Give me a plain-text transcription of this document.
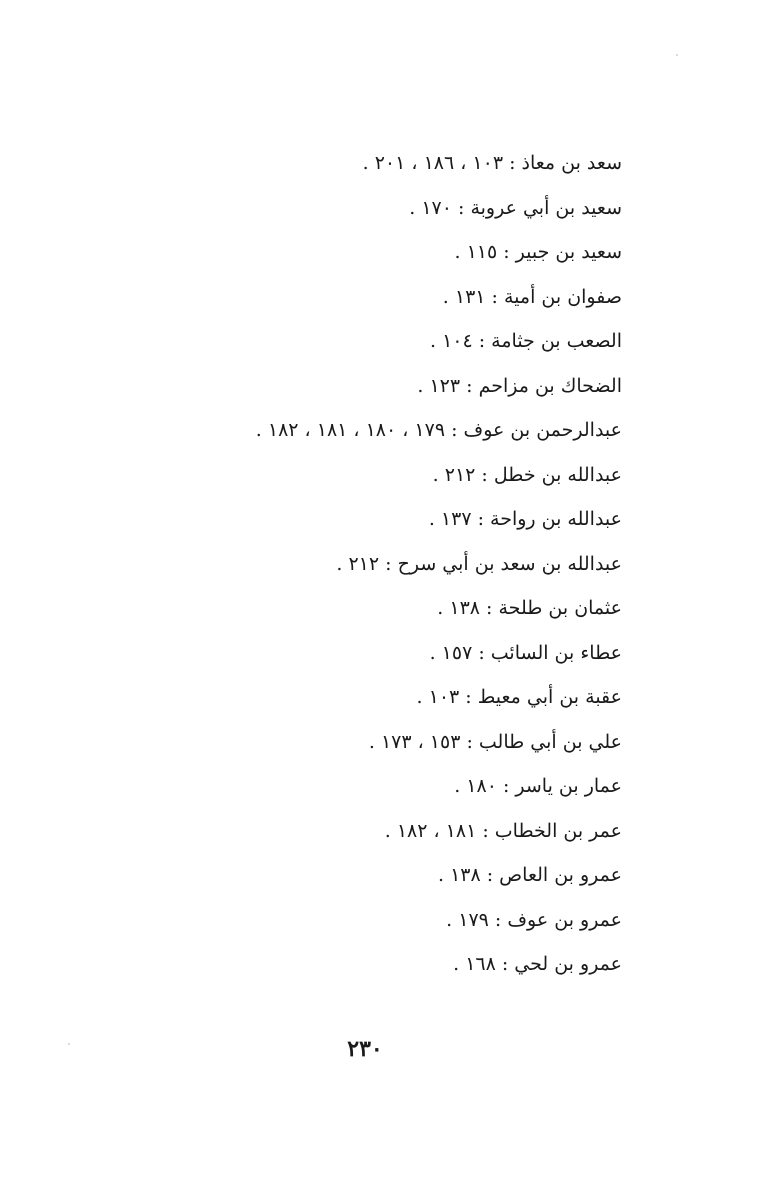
سعد بن معاذ : ١٠٣ ، ١٨٦ ، ٢٠١ .
سعيد بن أبي عروبة : ١٧٠ .
سعيد بن جبير : ١١٥ .
صفوان بن أمية : ١٣١ .
الصعب بن جثامة : ١٠٤ .
الضحاك بن مزاحم : ١٢٣ .
عبدالرحمن بن عوف : ١٧٩ ، ١٨٠ ، ١٨١ ، ١٨٢ .
عبدالله بن خطل : ٢١٢ .
عبدالله بن رواحة : ١٣٧ .
عبدالله بن سعد بن أبي سرح : ٢١٢ .
عثمان بن طلحة : ١٣٨ .
عطاء بن السائب : ١٥٧ .
عقبة بن أبي معيط : ١٠٣ .
علي بن أبي طالب : ١٥٣ ، ١٧٣ .
عمار بن ياسر : ١٨٠ .
عمر بن الخطاب : ١٨١ ، ١٨٢ .
عمرو بن العاص : ١٣٨ .
عمرو بن عوف : ١٧٩ .
عمرو بن لحي : ١٦٨ .
٢٣٠
